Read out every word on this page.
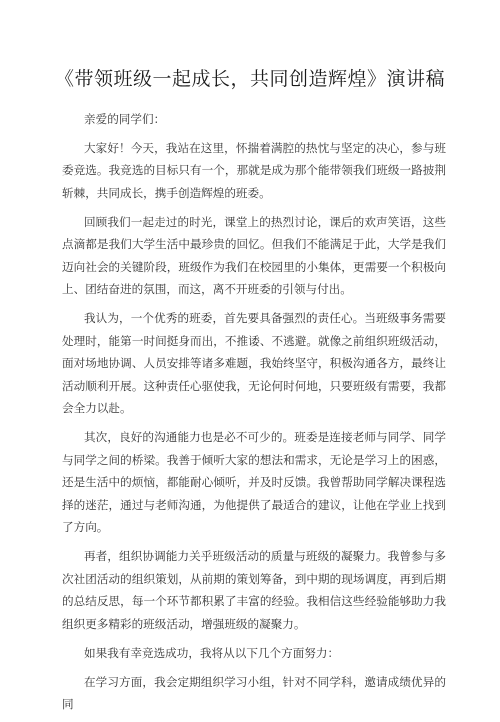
《带领班级一起成长，共同创造辉煌》演讲稿

亲爱的同学们：

大家好！今天，我站在这里，怀揣着满腔的热忱与坚定的决心，参与班委竞选。我竞选的目标只有一个，那就是成为那个能带领我们班级一路披荆斩棘，共同成长，携手创造辉煌的班委。

回顾我们一起走过的时光，课堂上的热烈讨论，课后的欢声笑语，这些点滴都是我们大学生活中最珍贵的回忆。但我们不能满足于此，大学是我们迈向社会的关键阶段，班级作为我们在校园里的小集体，更需要一个积极向上、团结奋进的氛围，而这，离不开班委的引领与付出。

我认为，一个优秀的班委，首先要具备强烈的责任心。当班级事务需要处理时，能第一时间挺身而出，不推诿、不逃避。就像之前组织班级活动，面对场地协调、人员安排等诸多难题，我始终坚守，积极沟通各方，最终让活动顺利开展。这种责任心驱使我，无论何时何地，只要班级有需要，我都会全力以赴。

其次，良好的沟通能力也是必不可少的。班委是连接老师与同学、同学与同学之间的桥梁。我善于倾听大家的想法和需求，无论是学习上的困惑，还是生活中的烦恼，都能耐心倾听，并及时反馈。我曾帮助同学解决课程选择的迷茫，通过与老师沟通，为他提供了最适合的建议，让他在学业上找到了方向。

再者，组织协调能力关乎班级活动的质量与班级的凝聚力。我曾参与多次社团活动的组织策划，从前期的策划筹备，到中期的现场调度，再到后期的总结反思，每一个环节都积累了丰富的经验。我相信这些经验能够助力我组织更多精彩的班级活动，增强班级的凝聚力。

如果我有幸竞选成功，我将从以下几个方面努力：

在学习方面，我会定期组织学习小组，针对不同学科，邀请成绩优异的同
